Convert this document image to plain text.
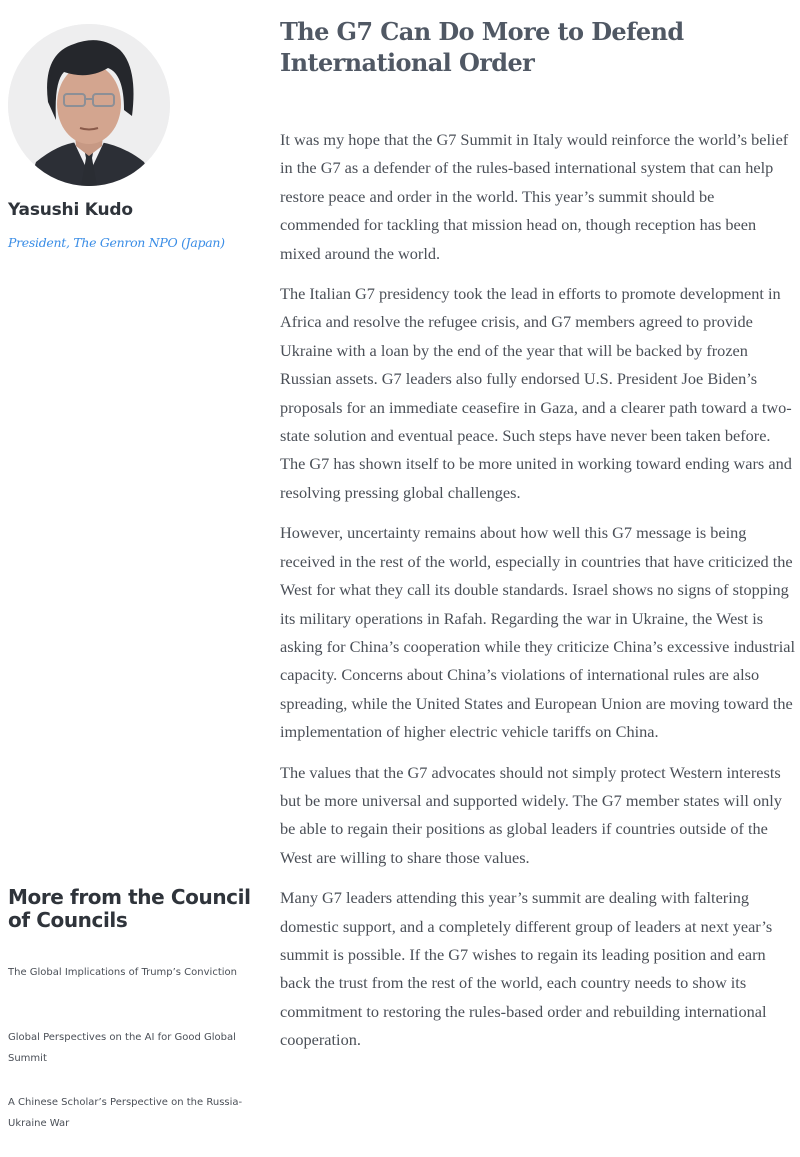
Yasushi Kudo
President, The Genron NPO (Japan)
More from the Council of Councils
The Global Implications of Trump’s Conviction
Global Perspectives on the AI for Good Global Summit
A Chinese Scholar’s Perspective on the Russia-Ukraine War
The G7 Can Do More to Defend International Order

It was my hope that the G7 Summit in Italy would reinforce the world’s belief in the G7 as a defender of the rules-based international system that can help restore peace and order in the world. This year’s summit should be commended for tackling that mission head on, though reception has been mixed around the world.

The Italian G7 presidency took the lead in efforts to promote development in Africa and resolve the refugee crisis, and G7 members agreed to provide Ukraine with a loan by the end of the year that will be backed by frozen Russian assets. G7 leaders also fully endorsed U.S. President Joe Biden’s proposals for an immediate ceasefire in Gaza, and a clearer path toward a two-state solution and eventual peace. Such steps have never been taken before. The G7 has shown itself to be more united in working toward ending wars and resolving pressing global challenges.

However, uncertainty remains about how well this G7 message is being received in the rest of the world, especially in countries that have criticized the West for what they call its double standards. Israel shows no signs of stopping its military operations in Rafah. Regarding the war in Ukraine, the West is asking for China’s cooperation while they criticize China’s excessive industrial capacity. Concerns about China’s violations of international rules are also spreading, while the United States and European Union are moving toward the implementation of higher electric vehicle tariffs on China.

The values that the G7 advocates should not simply protect Western interests but be more universal and supported widely. The G7 member states will only be able to regain their positions as global leaders if countries outside of the West are willing to share those values.

Many G7 leaders attending this year’s summit are dealing with faltering domestic support, and a completely different group of leaders at next year’s summit is possible. If the G7 wishes to regain its leading position and earn back the trust from the rest of the world, each country needs to show its commitment to restoring the rules-based order and rebuilding international cooperation.
